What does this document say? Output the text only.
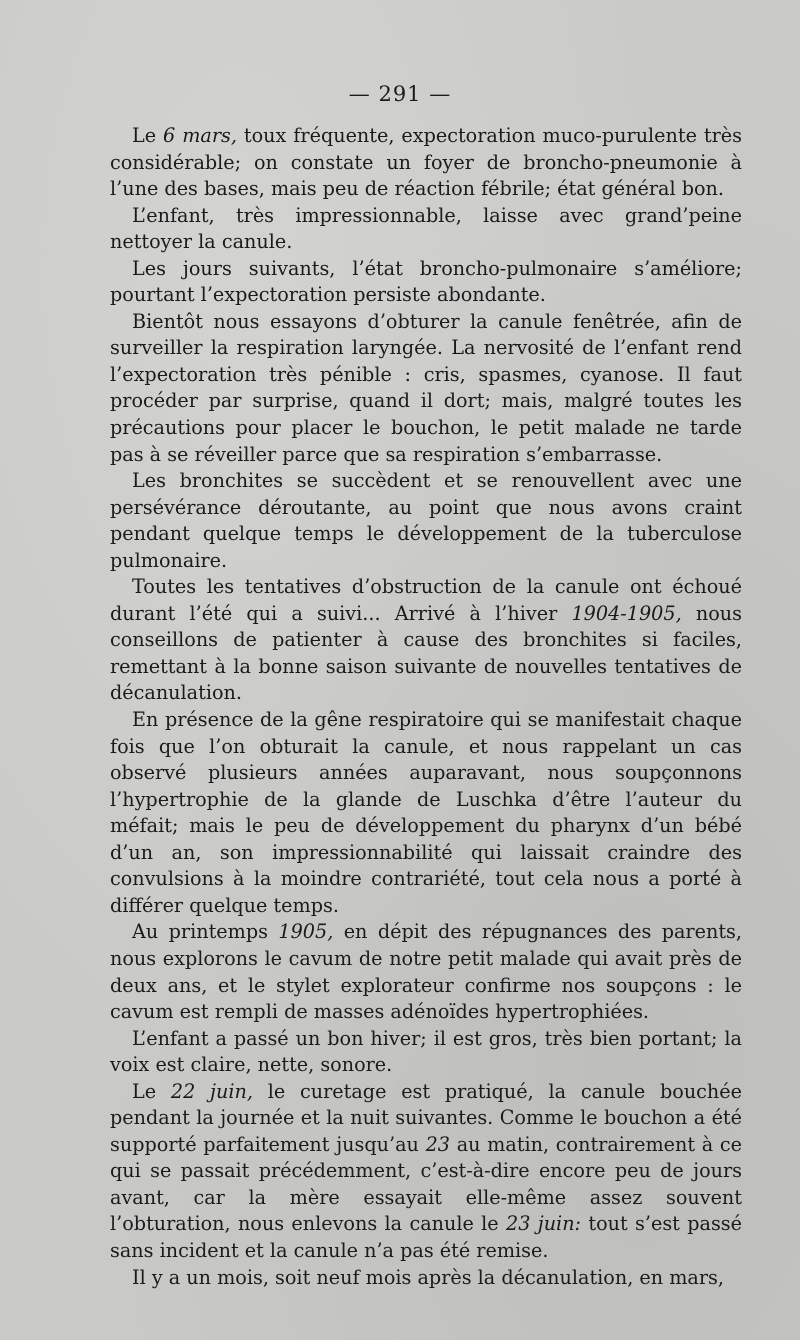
— 291 —

Le 6 mars, toux fréquente, expectoration muco-purulente très considérable; on constate un foyer de broncho-pneumonie à l’une des bases, mais peu de réaction fébrile; état général bon.

L’enfant, très impressionnable, laisse avec grand’peine nettoyer la canule.

Les jours suivants, l’état broncho-pulmonaire s’améliore; pourtant l’expectoration persiste abondante.

Bientôt nous essayons d’obturer la canule fenêtrée, afin de surveiller la respiration laryngée. La nervosité de l’enfant rend l’expectoration très pénible : cris, spasmes, cyanose. Il faut procéder par surprise, quand il dort; mais, malgré toutes les précautions pour placer le bouchon, le petit malade ne tarde pas à se réveiller parce que sa respiration s’embarrasse.

Les bronchites se succèdent et se renouvellent avec une persévérance déroutante, au point que nous avons craint pendant quelque temps le développement de la tuberculose pulmonaire.

Toutes les tentatives d’obstruction de la canule ont échoué durant l’été qui a suivi... Arrivé à l’hiver 1904-1905, nous conseillons de patienter à cause des bronchites si faciles, remettant à la bonne saison suivante de nouvelles tentatives de décanulation.

En présence de la gêne respiratoire qui se manifestait chaque fois que l’on obturait la canule, et nous rappelant un cas observé plusieurs années auparavant, nous soupçonnons l’hypertrophie de la glande de Luschka d’être l’auteur du méfait; mais le peu de développement du pharynx d’un bébé d’un an, son impressionnabilité qui laissait craindre des convulsions à la moindre contrariété, tout cela nous a porté à différer quelque temps.

Au printemps 1905, en dépit des répugnances des parents, nous explorons le cavum de notre petit malade qui avait près de deux ans, et le stylet explorateur confirme nos soupçons : le cavum est rempli de masses adénoïdes hypertrophiées.

L’enfant a passé un bon hiver; il est gros, très bien portant; la voix est claire, nette, sonore.

Le 22 juin, le curetage est pratiqué, la canule bouchée pendant la journée et la nuit suivantes. Comme le bouchon a été supporté parfaitement jusqu’au 23 au matin, contrairement à ce qui se passait précédemment, c’est-à-dire encore peu de jours avant, car la mère essayait elle-même assez souvent l’obturation, nous enlevons la canule le 23 juin: tout s’est passé sans incident et la canule n’a pas été remise.

Il y a un mois, soit neuf mois après la décanulation, en mars,
